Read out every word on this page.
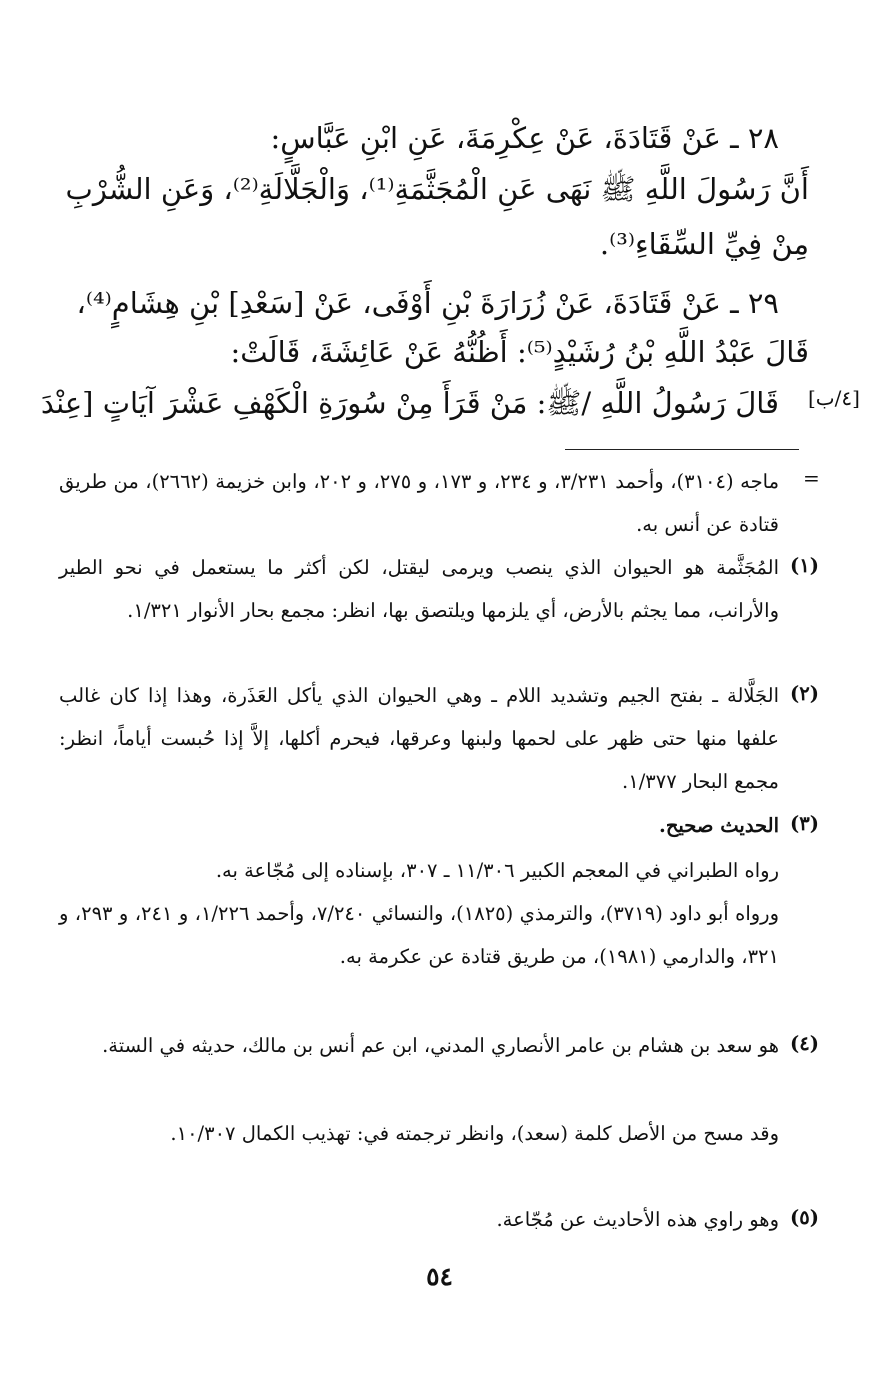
٢٨ ـ عَنْ قَتَادَةَ، عَنْ عِكْرِمَةَ، عَنِ ابْنِ عَبَّاسٍ:
أَنَّ رَسُولَ اللَّهِ ﷺ نَهَى عَنِ الْمُجَثَّمَةِ⁽¹⁾، وَالْجَلَّالَةِ⁽²⁾، وَعَنِ الشُّرْبِ
مِنْ فِيِّ السِّقَاءِ⁽³⁾.
٢٩ ـ عَنْ قَتَادَةَ، عَنْ زُرَارَةَ بْنِ أَوْفَى، عَنْ [سَعْدِ] بْنِ هِشَامٍ⁽⁴⁾،
قَالَ عَبْدُ اللَّهِ بْنُ رُشَيْدٍ⁽⁵⁾: أَظُنُّهُ عَنْ عَائِشَةَ، قَالَتْ:
قَالَ رَسُولُ اللَّهِ /ﷺ: مَنْ قَرَأَ مِنْ سُورَةِ الْكَهْفِ عَشْرَ آيَاتٍ [عِنْدَ [٤/ب]
=
ماجه (٣١٠٤)، وأحمد ٣/٢٣١، و ٢٣٤، و ١٧٣، و ٢٧٥، و ٢٠٢، وابن خزيمة (٢٦٦٢)، من طريق قتادة عن أنس به.
(١)
المُجَثَّمة هو الحيوان الذي ينصب ويرمى ليقتل، لكن أكثر ما يستعمل في نحو الطير والأرانب، مما يجثم بالأرض، أي يلزمها ويلتصق بها، انظر: مجمع بحار الأنوار ١/٣٢١.
(٢)
الجَلَّالة ـ بفتح الجيم وتشديد اللام ـ وهي الحيوان الذي يأكل العَذَرة، وهذا إذا كان غالب علفها منها حتى ظهر على لحمها ولبنها وعرقها، فيحرم أكلها، إلاَّ إذا حُبست أياماً، انظر: مجمع البحار ١/٣٧٧.
(٣)
الحديث صحيح.
رواه الطبراني في المعجم الكبير ١١/٣٠٦ ـ ٣٠٧، بإسناده إلى مُجّاعة به.
ورواه أبو داود (٣٧١٩)، والترمذي (١٨٢٥)، والنسائي ٧/٢٤٠، وأحمد ١/٢٢٦، و ٢٤١، و ٢٩٣، و ٣٢١، والدارمي (١٩٨١)، من طريق قتادة عن عكرمة به.
(٤)
هو سعد بن هشام بن عامر الأنصاري المدني، ابن عم أنس بن مالك، حديثه في الستة.
وقد مسح من الأصل كلمة (سعد)، وانظر ترجمته في: تهذيب الكمال ١٠/٣٠٧.
(٥)
وهو راوي هذه الأحاديث عن مُجّاعة.
٥٤
